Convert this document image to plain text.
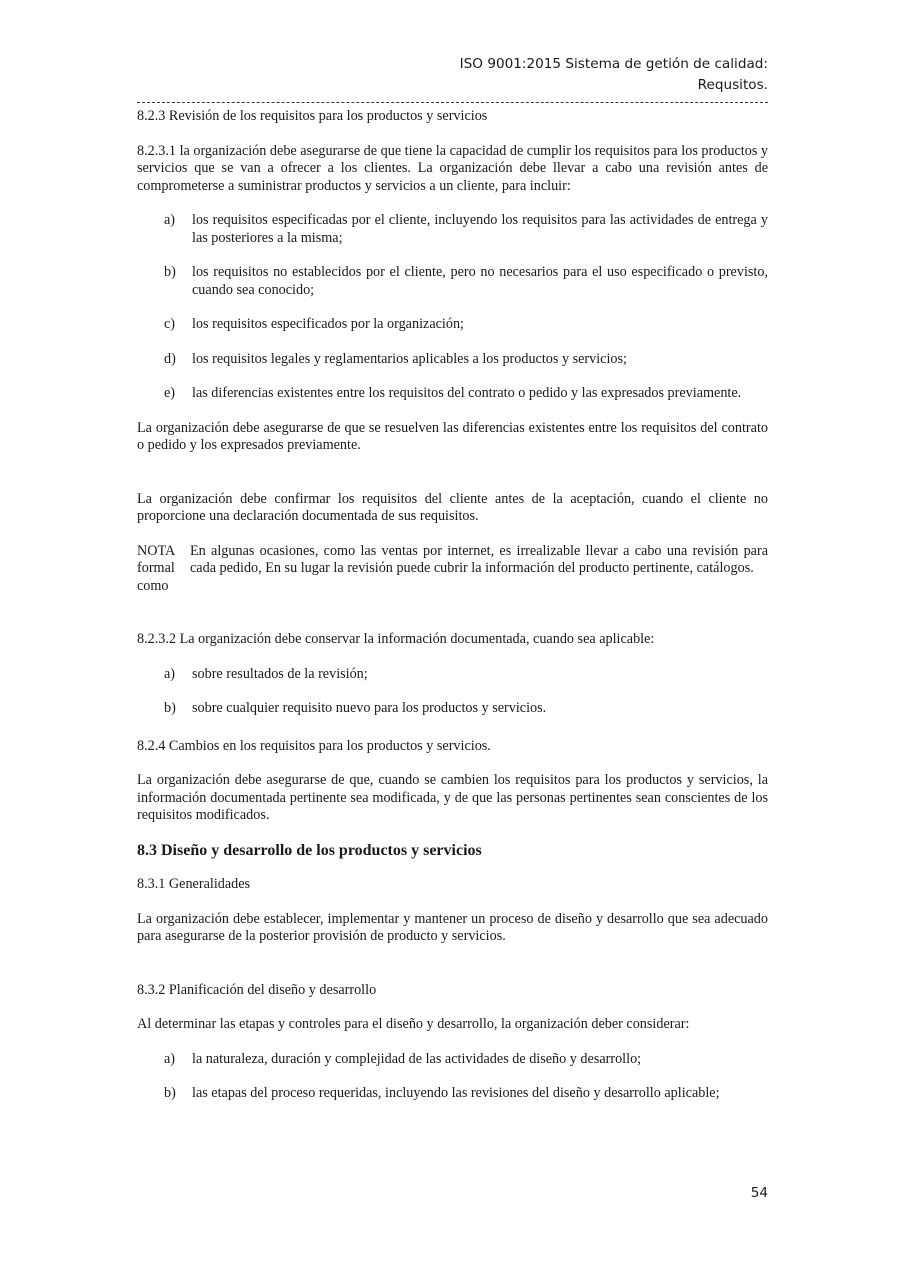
ISO 9001:2015 Sistema de getión de calidad:
Requsitos.

8.2.3 Revisión de los requisitos para los productos y servicios

8.2.3.1 la organización debe asegurarse de que tiene la capacidad de cumplir los requisitos para los productos y servicios que se van a ofrecer a los clientes. La organización debe llevar a cabo una revisión antes de comprometerse a suministrar productos y servicios a un cliente, para incluir:

a)	los requisitos especificadas por el cliente, incluyendo los requisitos para las actividades de entrega y las posteriores a la misma;
b)	los requisitos no establecidos por el cliente, pero no necesarios para el uso especificado o previsto, cuando sea conocido;
c)	los requisitos especificados por la organización;
d)	los requisitos legales y reglamentarios aplicables a los productos y servicios;
e)	las diferencias existentes entre los requisitos del contrato o pedido y las expresados previamente.

La organización debe asegurarse de que se resuelven las diferencias existentes entre los requisitos del contrato o pedido y los expresados previamente.

La organización debe confirmar los requisitos del cliente antes de la aceptación, cuando el cliente no proporcione una declaración documentada de sus requisitos.

NOTA formal como
En algunas ocasiones, como las ventas por internet, es irrealizable llevar a cabo una revisión para cada pedido, En su lugar la revisión puede cubrir la información del producto pertinente, catálogos.

8.2.3.2 La organización debe conservar la información documentada, cuando sea aplicable:

a)	sobre resultados de la revisión;
b)	sobre cualquier requisito nuevo para los productos y servicios.

8.2.4 Cambios en los requisitos para los productos y servicios.

La organización debe asegurarse de que, cuando se cambien los requisitos para los productos y servicios, la información documentada pertinente sea modificada, y de que las personas pertinentes sean conscientes de los requisitos modificados.

8.3 Diseño y desarrollo de los productos y servicios

8.3.1 Generalidades

La organización debe establecer, implementar y mantener un proceso de diseño y desarrollo que sea adecuado para asegurarse de la posterior provisión de producto y servicios.

8.3.2 Planificación del diseño y desarrollo

Al determinar las etapas y controles para el diseño y desarrollo, la organización deber considerar:

a)	la naturaleza, duración y complejidad de las actividades de diseño y desarrollo;
b)	las etapas del proceso requeridas, incluyendo las revisiones del diseño y desarrollo aplicable;
54
